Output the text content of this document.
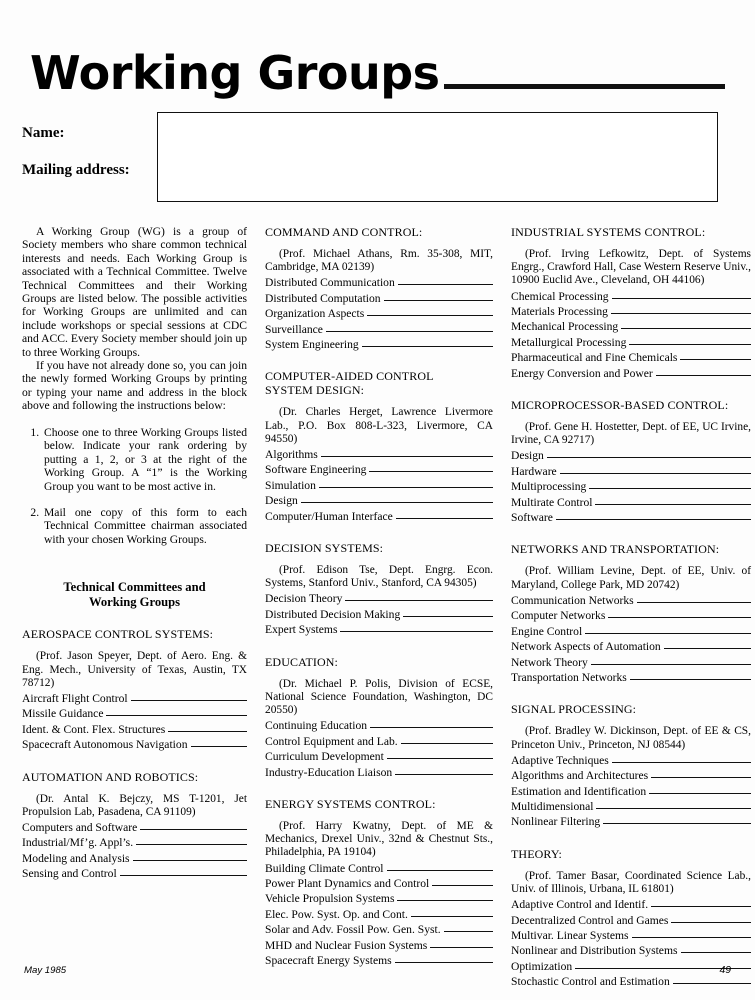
Working Groups
Name:
Mailing address:

A Working Group (WG) is a group of Society members who share common technical interests and needs. Each Working Group is associated with a Technical Committee. Twelve Technical Committees and their Working Groups are listed below. The possible activities for Working Groups are unlimited and can include workshops or special sessions at CDC and ACC. Every Society member should join up to three Working Groups.

If you have not already done so, you can join the newly formed Working Groups by printing or typing your name and address in the block above and following the instructions below:

1. Choose one to three Working Groups listed below. Indicate your rank ordering by putting a 1, 2, or 3 at the right of the Working Group. A “1” is the Working Group you want to be most active in.
2. Mail one copy of this form to each Technical Committee chairman associated with your chosen Working Groups.
Technical Committees and
Working Groups
AEROSPACE CONTROL SYSTEMS:

(Prof. Jason Speyer, Dept. of Aero. Eng. & Eng. Mech., University of Texas, Austin, TX 78712)

Aircraft Flight Control
Missile Guidance
Ident. & Cont. Flex. Structures
Spacecraft Autonomous Navigation
AUTOMATION AND ROBOTICS:

(Dr. Antal K. Bejczy, MS T-1201, Jet Propulsion Lab, Pasadena, CA 91109)

Computers and Software
Industrial/Mf’g. Appl’s.
Modeling and Analysis
Sensing and Control
COMMAND AND CONTROL:

(Prof. Michael Athans, Rm. 35-308, MIT, Cambridge, MA 02139)

Distributed Communication
Distributed Computation
Organization Aspects
Surveillance
System Engineering
COMPUTER-AIDED CONTROL
SYSTEM DESIGN:

(Dr. Charles Herget, Lawrence Livermore Lab., P.O. Box 808-L-323, Livermore, CA 94550)

Algorithms
Software Engineering
Simulation
Design
Computer/Human Interface
DECISION SYSTEMS:

(Prof. Edison Tse, Dept. Engrg. Econ. Systems, Stanford Univ., Stanford, CA 94305)

Decision Theory
Distributed Decision Making
Expert Systems
EDUCATION:

(Dr. Michael P. Polis, Division of ECSE, National Science Foundation, Washington, DC 20550)

Continuing Education
Control Equipment and Lab.
Curriculum Development
Industry-Education Liaison
ENERGY SYSTEMS CONTROL:

(Prof. Harry Kwatny, Dept. of ME & Mechanics, Drexel Univ., 32nd & Chestnut Sts., Philadelphia, PA 19104)

Building Climate Control
Power Plant Dynamics and Control
Vehicle Propulsion Systems
Elec. Pow. Syst. Op. and Cont.
Solar and Adv. Fossil Pow. Gen. Syst.
MHD and Nuclear Fusion Systems
Spacecraft Energy Systems
INDUSTRIAL SYSTEMS CONTROL:

(Prof. Irving Lefkowitz, Dept. of Systems Engrg., Crawford Hall, Case Western Reserve Univ., 10900 Euclid Ave., Cleveland, OH 44106)

Chemical Processing
Materials Processing
Mechanical Processing
Metallurgical Processing
Pharmaceutical and Fine Chemicals
Energy Conversion and Power
MICROPROCESSOR-BASED CONTROL:

(Prof. Gene H. Hostetter, Dept. of EE, UC Irvine, Irvine, CA 92717)

Design
Hardware
Multiprocessing
Multirate Control
Software
NETWORKS AND TRANSPORTATION:

(Prof. William Levine, Dept. of EE, Univ. of Maryland, College Park, MD 20742)

Communication Networks
Computer Networks
Engine Control
Network Aspects of Automation
Network Theory
Transportation Networks
SIGNAL PROCESSING:

(Prof. Bradley W. Dickinson, Dept. of EE & CS, Princeton Univ., Princeton, NJ 08544)

Adaptive Techniques
Algorithms and Architectures
Estimation and Identification
Multidimensional
Nonlinear Filtering
THEORY:

(Prof. Tamer Basar, Coordinated Science Lab., Univ. of Illinois, Urbana, IL 61801)

Adaptive Control and Identif.
Decentralized Control and Games
Multivar. Linear Systems
Nonlinear and Distribution Systems
Optimization
Stochastic Control and Estimation
May 1985	49
